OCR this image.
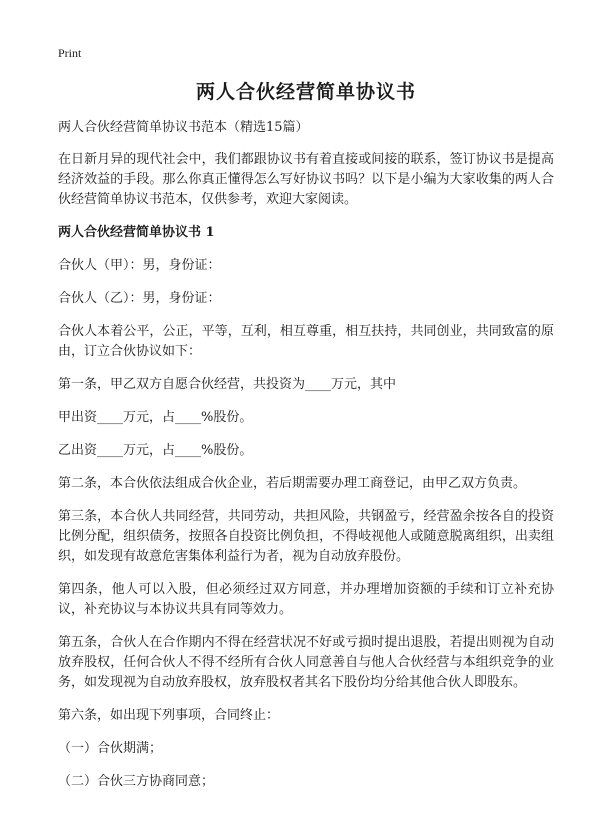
Print
两人合伙经营简单协议书
两人合伙经营简单协议书范本（精选15篇）
在日新月异的现代社会中，我们都跟协议书有着直接或间接的联系，签订协议书是提高经济效益的手段。那么你真正懂得怎么写好协议书吗？以下是小编为大家收集的两人合伙经营简单协议书范本，仅供参考，欢迎大家阅读。
两人合伙经营简单协议书 1
合伙人（甲）：男，身份证：
合伙人（乙）：男，身份证：
合伙人本着公平，公正，平等，互利，相互尊重，相互扶持，共同创业，共同致富的原由，订立合伙协议如下：
第一条，甲乙双方自愿合伙经营，共投资为____万元，其中
甲出资____万元，占____%股份。
乙出资____万元，占____%股份。
第二条，本合伙依法组成合伙企业，若后期需要办理工商登记，由甲乙双方负责。
第三条，本合伙人共同经营，共同劳动，共担风险，共钢盈亏，经营盈余按各自的投资比例分配，组织债务，按照各自投资比例负担，不得岐视他人或随意脱离组织，出卖组织，如发现有故意危害集体利益行为者，视为自动放弃股份。
第四条，他人可以入股，但必须经过双方同意，并办理增加资额的手续和订立补充协议，补充协议与本协议共具有同等效力。
第五条，合伙人在合作期内不得在经营状况不好或亏损时提出退股，若提出则视为自动放弃股权，任何合伙人不得不经所有合伙人同意善自与他人合伙经营与本组织竞争的业务，如发现视为自动放弃股权，放弃股权者其名下股份均分给其他合伙人即股东。
第六条，如出现下列事项，合同终止：
（一）合伙期满；
（二）合伙三方协商同意；
